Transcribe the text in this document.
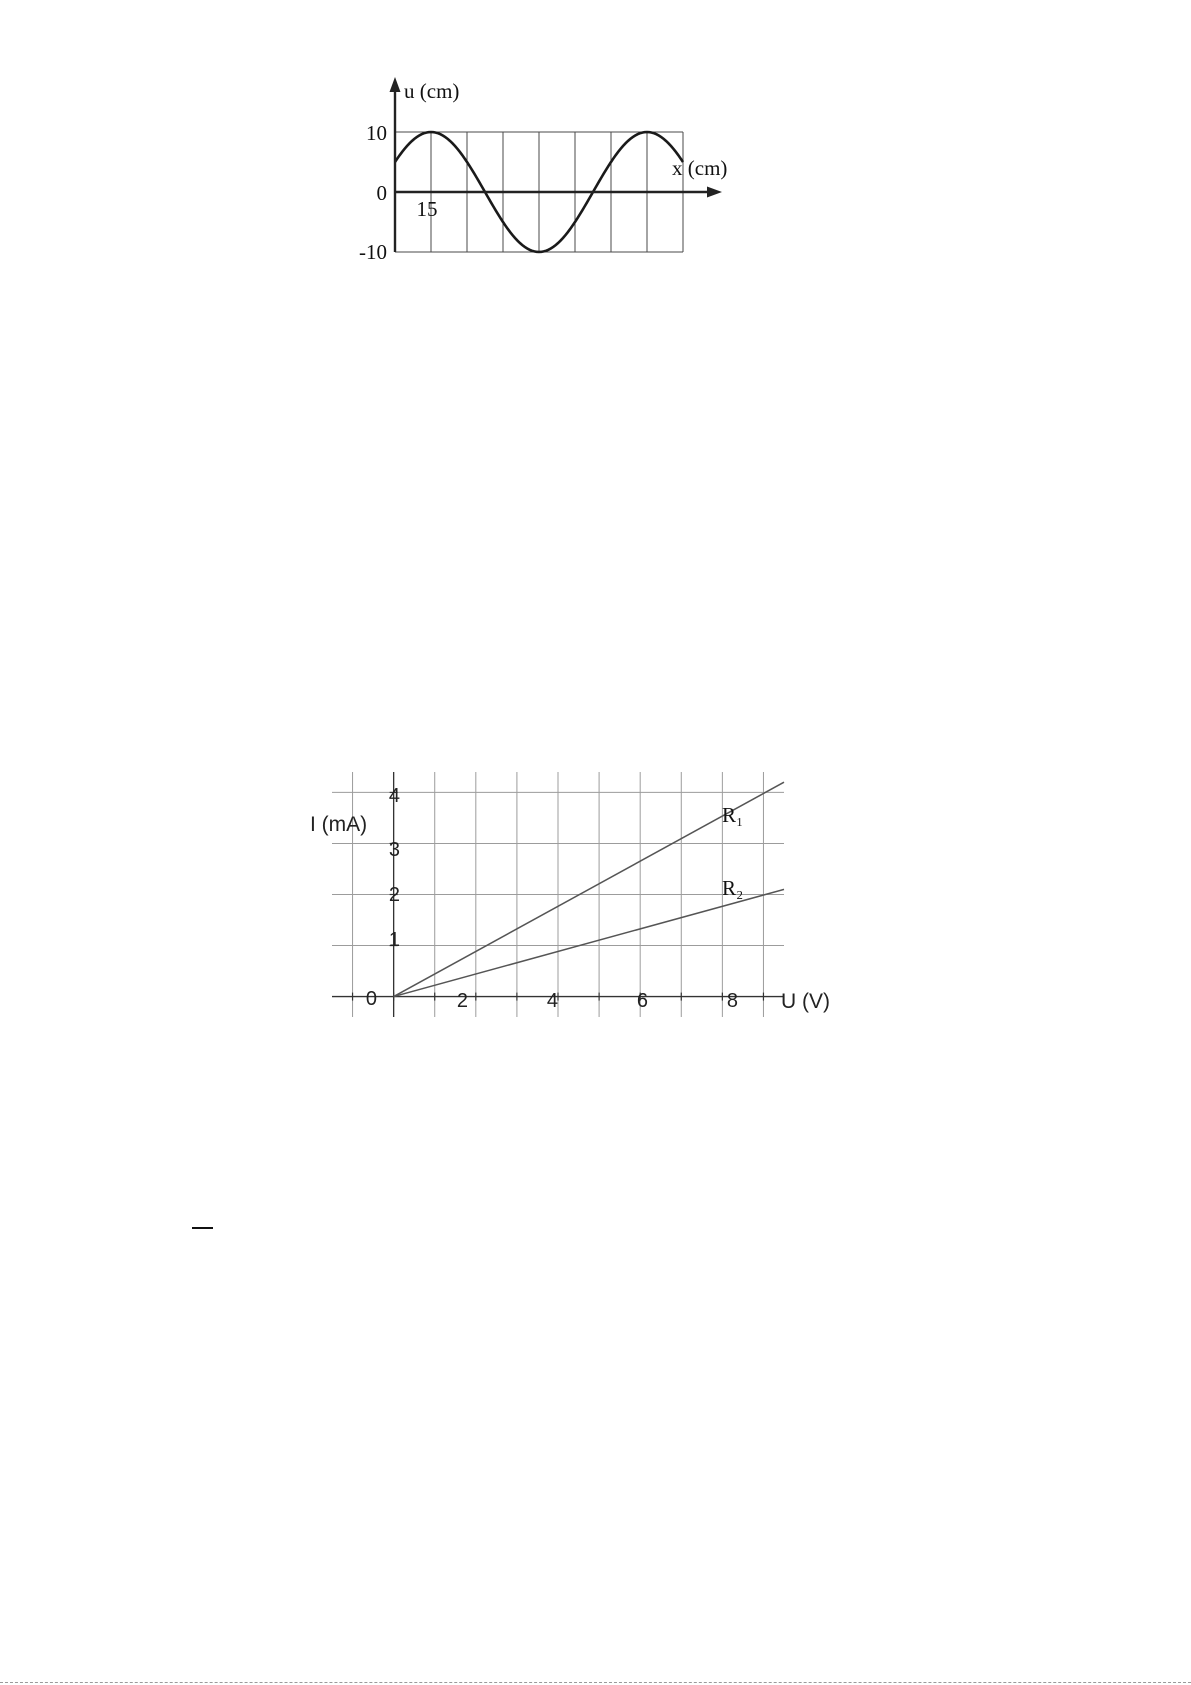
u (cm)
x (cm)
10
0
-10
15
I (mA)
U (V)
0	2	4	6	8
1
2
3
4
R₁
R₂
